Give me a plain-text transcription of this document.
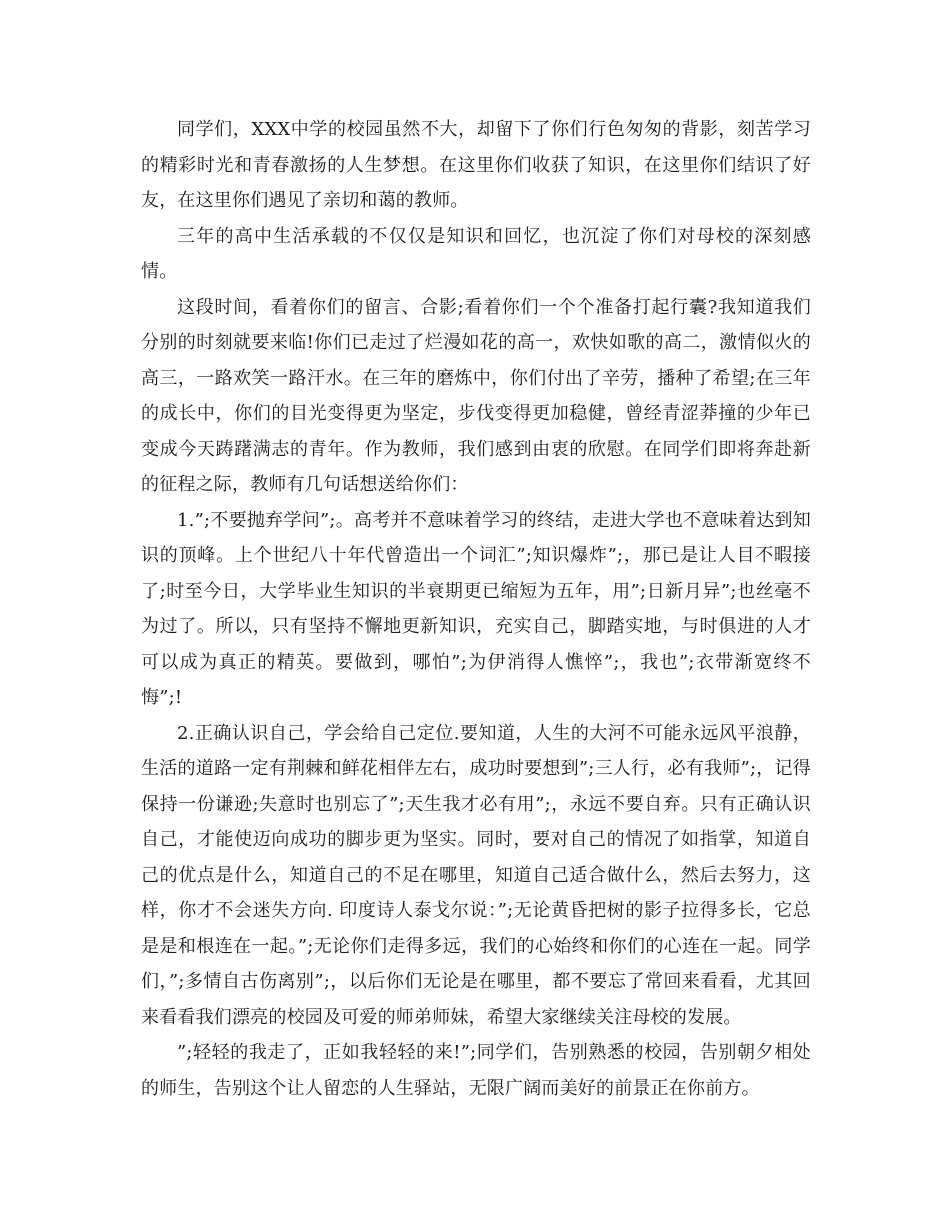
同学们，XXX中学的校园虽然不大，却留下了你们行色匆匆的背影，刻苦学习的精彩时光和青春激扬的人生梦想。在这里你们收获了知识，在这里你们结识了好友，在这里你们遇见了亲切和蔼的教师。

三年的高中生活承载的不仅仅是知识和回忆，也沉淀了你们对母校的深刻感情。

这段时间，看着你们的留言、合影;看着你们一个个准备打起行囊?我知道我们分别的时刻就要来临!你们已走过了烂漫如花的高一，欢快如歌的高二，激情似火的高三，一路欢笑一路汗水。在三年的磨炼中，你们付出了辛劳，播种了希望;在三年的成长中，你们的目光变得更为坚定，步伐变得更加稳健，曾经青涩莽撞的少年已变成今天踌躇满志的青年。作为教师，我们感到由衷的欣慰。在同学们即将奔赴新的征程之际，教师有几句话想送给你们：

1.”;不要抛弃学问”;。高考并不意味着学习的终结，走进大学也不意味着达到知识的顶峰。上个世纪八十年代曾造出一个词汇”;知识爆炸”;，那已是让人目不暇接了;时至今日，大学毕业生知识的半衰期更已缩短为五年，用”;日新月异”;也丝毫不为过了。所以，只有坚持不懈地更新知识，充实自己，脚踏实地，与时俱进的人才可以成为真正的精英。要做到，哪怕”;为伊消得人憔悴”;，我也”;衣带渐宽终不悔”;!

2.正确认识自己，学会给自己定位.要知道，人生的大河不可能永远风平浪静，生活的道路一定有荆棘和鲜花相伴左右，成功时要想到”;三人行，必有我师”;，记得保持一份谦逊;失意时也别忘了”;天生我才必有用”;，永远不要自弃。只有正确认识自己，才能使迈向成功的脚步更为坚实。同时，要对自己的情况了如指掌，知道自己的优点是什么，知道自己的不足在哪里，知道自己适合做什么，然后去努力，这样，你才不会迷失方向. 印度诗人泰戈尔说：”;无论黄昏把树的影子拉得多长，它总是是和根连在一起。”;无论你们走得多远，我们的心始终和你们的心连在一起。同学们，”;多情自古伤离别”;，以后你们无论是在哪里，都不要忘了常回来看看，尤其回来看看我们漂亮的校园及可爱的师弟师妹，希望大家继续关注母校的发展。

”;轻轻的我走了，正如我轻轻的来!”;同学们，告别熟悉的校园，告别朝夕相处的师生，告别这个让人留恋的人生驿站，无限广阔而美好的前景正在你前方。
